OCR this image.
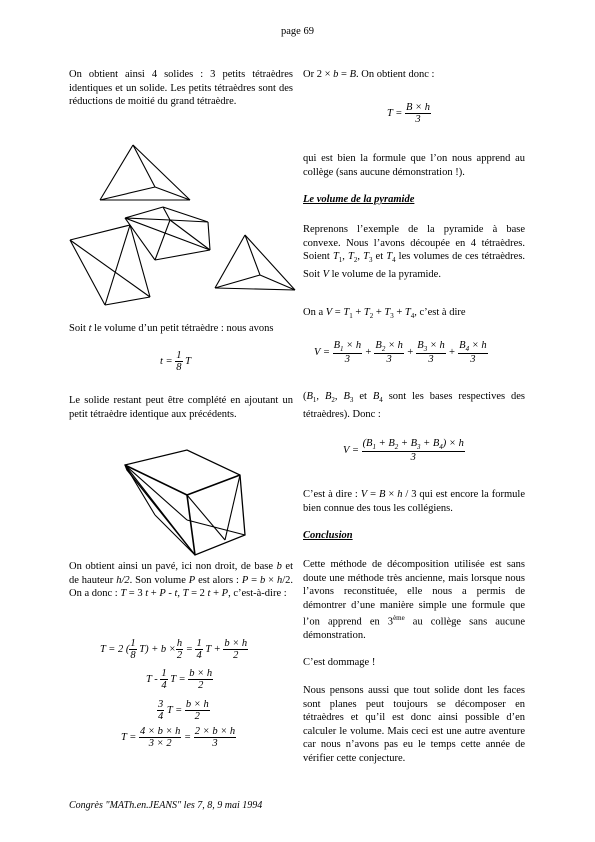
page 69

On obtient ainsi 4 solides : 3 petits tétraèdres identiques et un solide. Les petits tétraèdres sont des réductions de moitié du grand tétraèdre.

Soit t le volume d’un petit tétraèdre : nous avons

$t = \frac{1}{8}$ T

Le solide restant peut être complété en ajoutant un petit tétraèdre identique aux précédents.

On obtient ainsi un pavé, ici non droit, de base b et de hauteur h/2. Son volume P est alors : P = b × h/2. On a donc : T = 3 t + P - t, T = 2 t + P, c’est-à-dire :

T = 2 ( $\frac{1}{8} T) + b \times \frac{h}{2} = \frac{1}{4}$ $T + \frac{b \times h}{2}$
T - $\frac{1}{4}$ $T = \frac{b \times h}{2}$
$\frac{3}{4}$ $T = \frac{b \times h}{2}$
$T = \frac{4 \times b \times h}{3 \times 2} = \frac{2 \times b \times h}{3}$

Or 2 × b = B. On obtient donc :

$T = \frac{B \times h}{3}$

qui est bien la formule que l’on nous apprend au collège (sans aucune démonstration !).

Le volume de la pyramide

Reprenons l’exemple de la pyramide à base convexe. Nous l’avons découpée en 4 tétraèdres. Soient $T_1$, $T_2$, $T_3$ et $T_4$ les volumes de ces tétraèdres. Soit V le volume de la pyramide.

On a $V = T_1 + T_2 + T_3 + T_4$, c’est à dire

$V = \frac{B_1 \times h}{3} + \frac{B_2 \times h}{3} + \frac{B_3 \times h}{3} + \frac{B_4 \times h}{3}$

($B_1$, $B_2$, $B_3$ et $B_4$ sont les bases respectives des tétraèdres). Donc :

$V = \frac{(B_1 + B_2 + B_3 + B_4) \times h}{3}$

C’est à dire : V = B × h / 3 qui est encore la formule bien connue des tous les collégiens.

Conclusion

Cette méthode de décomposition utilisée est sans doute une méthode très ancienne, mais lorsque nous l’avons reconstituée, elle nous a permis de démontrer d’une manière simple une formule que l’on apprend en 3ème au collège sans aucune démonstration.

C’est dommage !

Nous pensons aussi que tout solide dont les faces sont planes peut toujours se décomposer en tétraèdres et qu’il est donc ainsi possible d’en calculer le volume. Mais ceci est une autre aventure car nous n’avons pas eu le temps cette année de vérifier cette conjecture.

Congrès "MATh.en.JEANS" les 7, 8, 9 mai 1994
